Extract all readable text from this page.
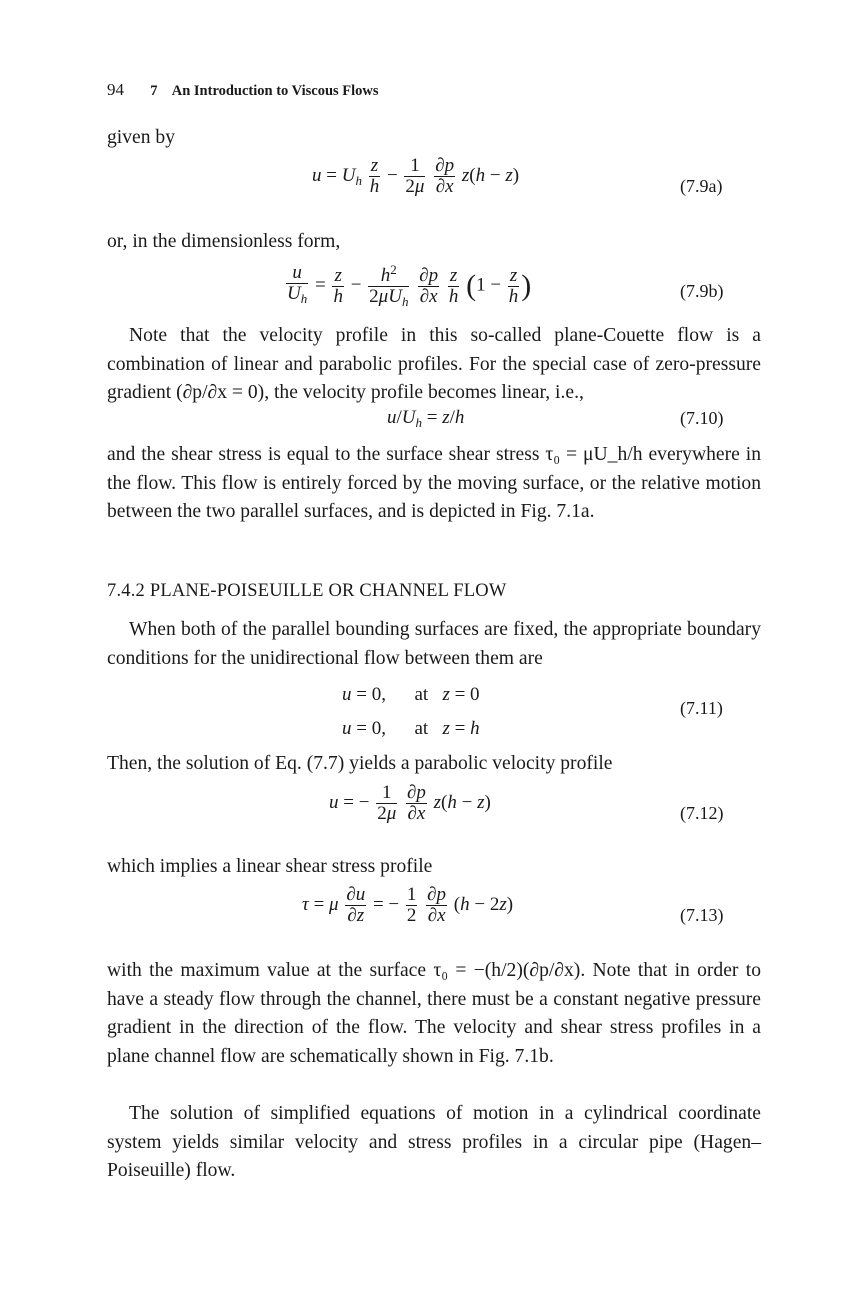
94 7 An Introduction to Viscous Flows
given by
$u = U_h \frac{z}{h} - \frac{1}{2\mu}$
$\frac{\partial p}{\partial x} z(h - z)$
(7.9a)
or, in the dimensionless form,
$\frac{u}{U_h} = \frac{z}{h} - \frac{h^2}{2\mu U_h}$
$\frac{\partial p}{\partial x}$
$\frac{z}{h} (1 - \frac{z}{h}$ )	(7.9b)
Note that the velocity profile in this so-called plane-Couette flow is a combination of linear and parabolic profiles. For the special case of zero-pressure gradient (∂p/∂x = 0), the velocity profile becomes linear, i.e.,
$u/U_h = z/h$	(7.10)
and the shear stress is equal to the surface shear stress τ₀ = μU_h/h everywhere in the flow. This flow is entirely forced by the moving surface, or the relative motion between the two parallel surfaces, and is depicted in Fig. 7.1a.
7.4.2 PLANE-POISEUILLE OR CHANNEL FLOW
When both of the parallel bounding surfaces are fixed, the appropriate boundary conditions for the unidirectional flow between them are
u = 0,      at   z = 0
u = 0,      at   z = h
(7.11)
Then, the solution of Eq. (7.7) yields a parabolic velocity profile
u = − $\frac{1}{2\mu}$
$\frac{\partial p}{\partial x} z(h - z)$
(7.12)
which implies a linear shear stress profile
τ = μ $\frac{\partial u}{\partial z}$ = − $\frac{1}{2}$
$\frac{\partial p}{\partial x} (h - 2z)$
(7.13)
with the maximum value at the surface τ₀ = −(h/2)(∂p/∂x). Note that in order to have a steady flow through the channel, there must be a constant negative pressure gradient in the direction of the flow. The velocity and shear stress profiles in a plane channel flow are schematically shown in Fig. 7.1b.
The solution of simplified equations of motion in a cylindrical coordinate system yields similar velocity and stress profiles in a circular pipe (Hagen–Poiseuille) flow.
